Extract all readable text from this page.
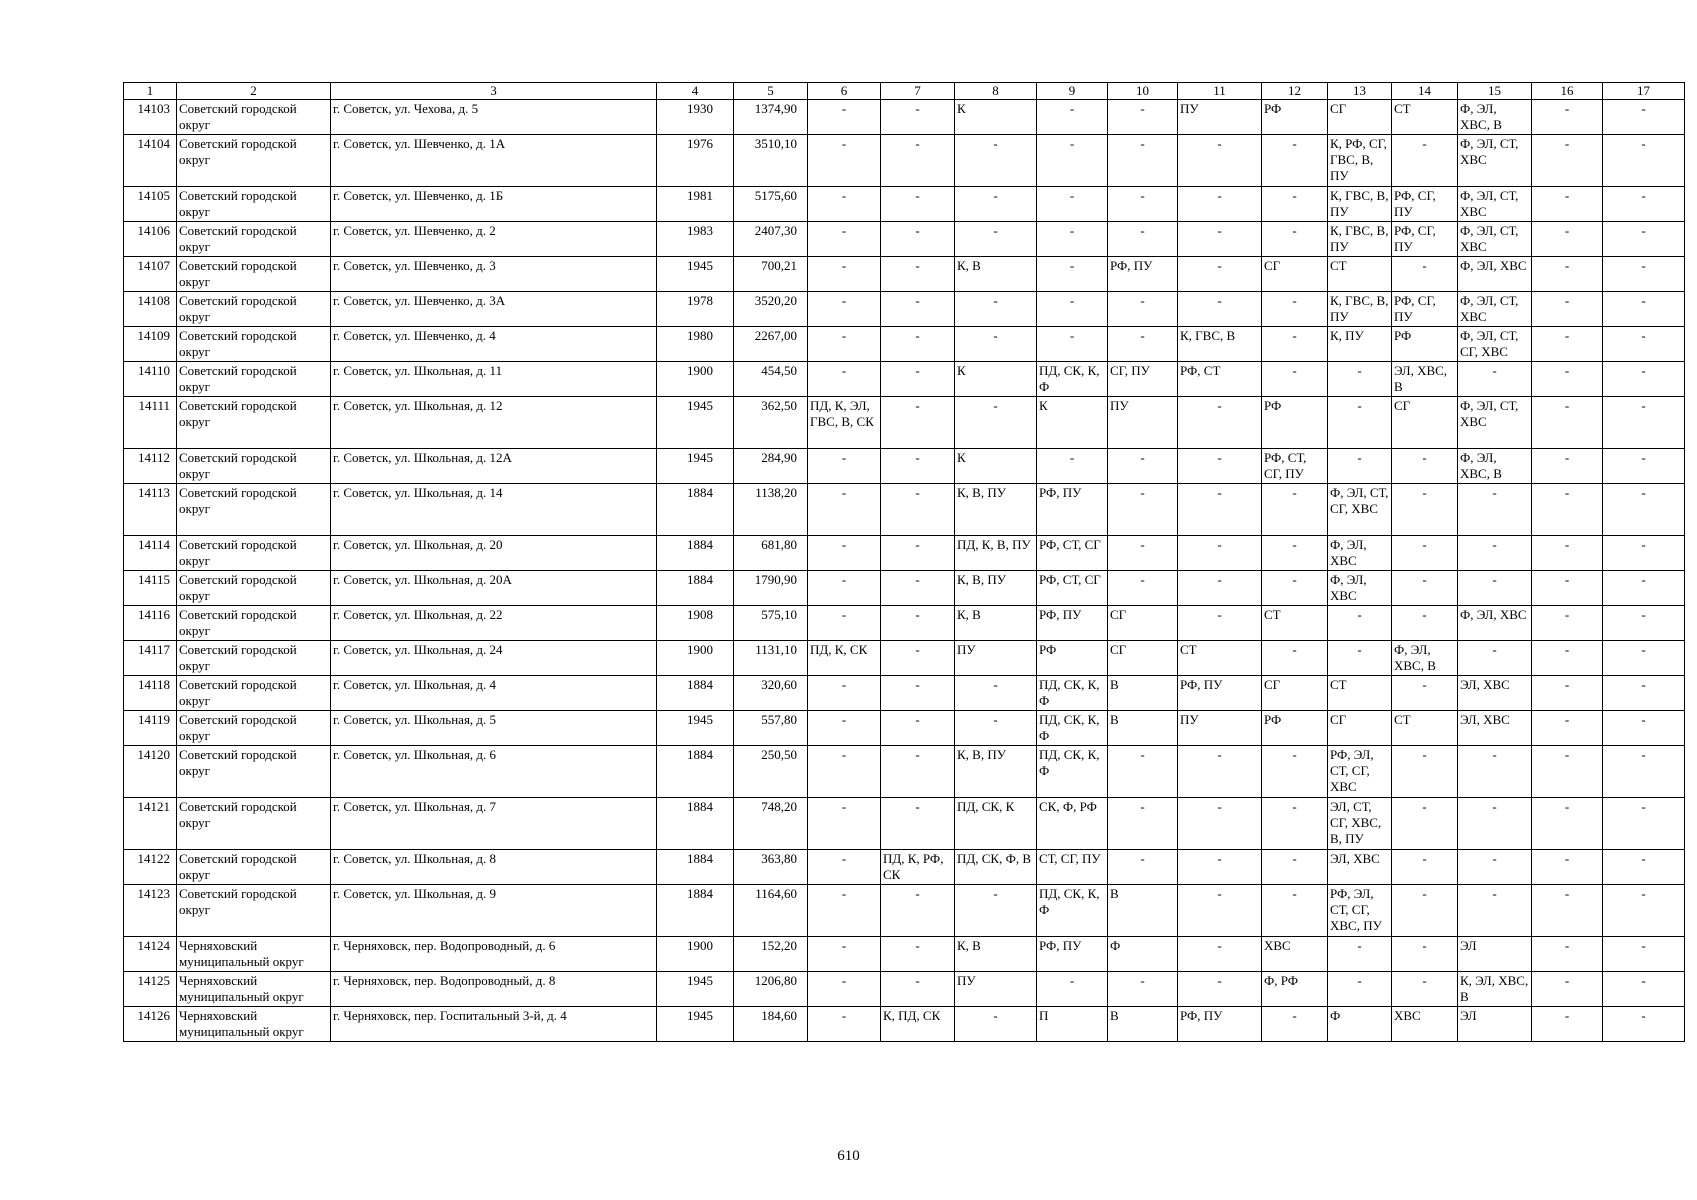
1	2	3	4	5	6	7	8	9	10	11	12	13	14	15	16	17
14103	Советский городской округ	г. Советск, ул. Чехова, д. 5	1930	1374,90	-	-	К	-	-	ПУ	РФ	СГ	СТ	Ф, ЭЛ, ХВС, В	-	-
14104	Советский городской округ	г. Советск, ул. Шевченко, д. 1А	1976	3510,10	-	-	-	-	-	-	-	К, РФ, СГ, ГВС, В, ПУ	-	Ф, ЭЛ, СТ, ХВС	-	-
14105	Советский городской округ	г. Советск, ул. Шевченко, д. 1Б	1981	5175,60	-	-	-	-	-	-	-	К, ГВС, В, ПУ	РФ, СГ, ПУ	Ф, ЭЛ, СТ, ХВС	-	-
14106	Советский городской округ	г. Советск, ул. Шевченко, д. 2	1983	2407,30	-	-	-	-	-	-	-	К, ГВС, В, ПУ	РФ, СГ, ПУ	Ф, ЭЛ, СТ, ХВС	-	-
14107	Советский городской округ	г. Советск, ул. Шевченко, д. 3	1945	700,21	-	-	К, В	-	РФ, ПУ	-	СГ	СТ	-	Ф, ЭЛ, ХВС	-	-
14108	Советский городской округ	г. Советск, ул. Шевченко, д. 3А	1978	3520,20	-	-	-	-	-	-	-	К, ГВС, В, ПУ	РФ, СГ, ПУ	Ф, ЭЛ, СТ, ХВС	-	-
14109	Советский городской округ	г. Советск, ул. Шевченко, д. 4	1980	2267,00	-	-	-	-	-	К, ГВС, В	-	К, ПУ	РФ	Ф, ЭЛ, СТ, СГ, ХВС	-	-
14110	Советский городской округ	г. Советск, ул. Школьная, д. 11	1900	454,50	-	-	К	ПД, СК, К, Ф	СГ, ПУ	РФ, СТ	-	-	ЭЛ, ХВС, В	-	-	-
14111	Советский городской округ	г. Советск, ул. Школьная, д. 12	1945	362,50	ПД, К, ЭЛ, ГВС, В, СК	-	-	К	ПУ	-	РФ	-	СГ	Ф, ЭЛ, СТ, ХВС	-	-
14112	Советский городской округ	г. Советск, ул. Школьная, д. 12А	1945	284,90	-	-	К	-	-	-	РФ, СТ, СГ, ПУ	-	-	Ф, ЭЛ, ХВС, В	-	-
14113	Советский городской округ	г. Советск, ул. Школьная, д. 14	1884	1138,20	-	-	К, В, ПУ	РФ, ПУ	-	-	-	Ф, ЭЛ, СТ, СГ, ХВС	-	-	-	-
14114	Советский городской округ	г. Советск, ул. Школьная, д. 20	1884	681,80	-	-	ПД, К, В, ПУ	РФ, СТ, СГ	-	-	-	Ф, ЭЛ, ХВС	-	-	-	-
14115	Советский городской округ	г. Советск, ул. Школьная, д. 20А	1884	1790,90	-	-	К, В, ПУ	РФ, СТ, СГ	-	-	-	Ф, ЭЛ, ХВС	-	-	-	-
14116	Советский городской округ	г. Советск, ул. Школьная, д. 22	1908	575,10	-	-	К, В	РФ, ПУ	СГ	-	СТ	-	-	Ф, ЭЛ, ХВС	-	-
14117	Советский городской округ	г. Советск, ул. Школьная, д. 24	1900	1131,10	ПД, К, СК	-	ПУ	РФ	СГ	СТ	-	-	Ф, ЭЛ, ХВС, В	-	-	-
14118	Советский городской округ	г. Советск, ул. Школьная, д. 4	1884	320,60	-	-	-	ПД, СК, К, Ф	В	РФ, ПУ	СГ	СТ	-	ЭЛ, ХВС	-	-
14119	Советский городской округ	г. Советск, ул. Школьная, д. 5	1945	557,80	-	-	-	ПД, СК, К, Ф	В	ПУ	РФ	СГ	СТ	ЭЛ, ХВС	-	-
14120	Советский городской округ	г. Советск, ул. Школьная, д. 6	1884	250,50	-	-	К, В, ПУ	ПД, СК, К, Ф	-	-	-	РФ, ЭЛ, СТ, СГ, ХВС	-	-	-	-
14121	Советский городской округ	г. Советск, ул. Школьная, д. 7	1884	748,20	-	-	ПД, СК, К	СК, Ф, РФ	-	-	-	ЭЛ, СТ, СГ, ХВС, В, ПУ	-	-	-	-
14122	Советский городской округ	г. Советск, ул. Школьная, д. 8	1884	363,80	-	ПД, К, РФ, СК	ПД, СК, Ф, В	СТ, СГ, ПУ	-	-	-	ЭЛ, ХВС	-	-	-	-
14123	Советский городской округ	г. Советск, ул. Школьная, д. 9	1884	1164,60	-	-	-	ПД, СК, К, Ф	В	-	-	РФ, ЭЛ, СТ, СГ, ХВС, ПУ	-	-	-	-
14124	Черняховский муниципальный округ	г. Черняховск, пер. Водопроводный, д. 6	1900	152,20	-	-	К, В	РФ, ПУ	Ф	-	ХВС	-	-	ЭЛ	-	-
14125	Черняховский муниципальный округ	г. Черняховск, пер. Водопроводный, д. 8	1945	1206,80	-	-	ПУ	-	-	-	Ф, РФ	-	-	К, ЭЛ, ХВС, В	-	-
14126	Черняховский муниципальный округ	г. Черняховск, пер. Госпитальный 3-й, д. 4	1945	184,60	-	К, ПД, СК	-	П	В	РФ, ПУ	-	Ф	ХВС	ЭЛ	-	-
610
